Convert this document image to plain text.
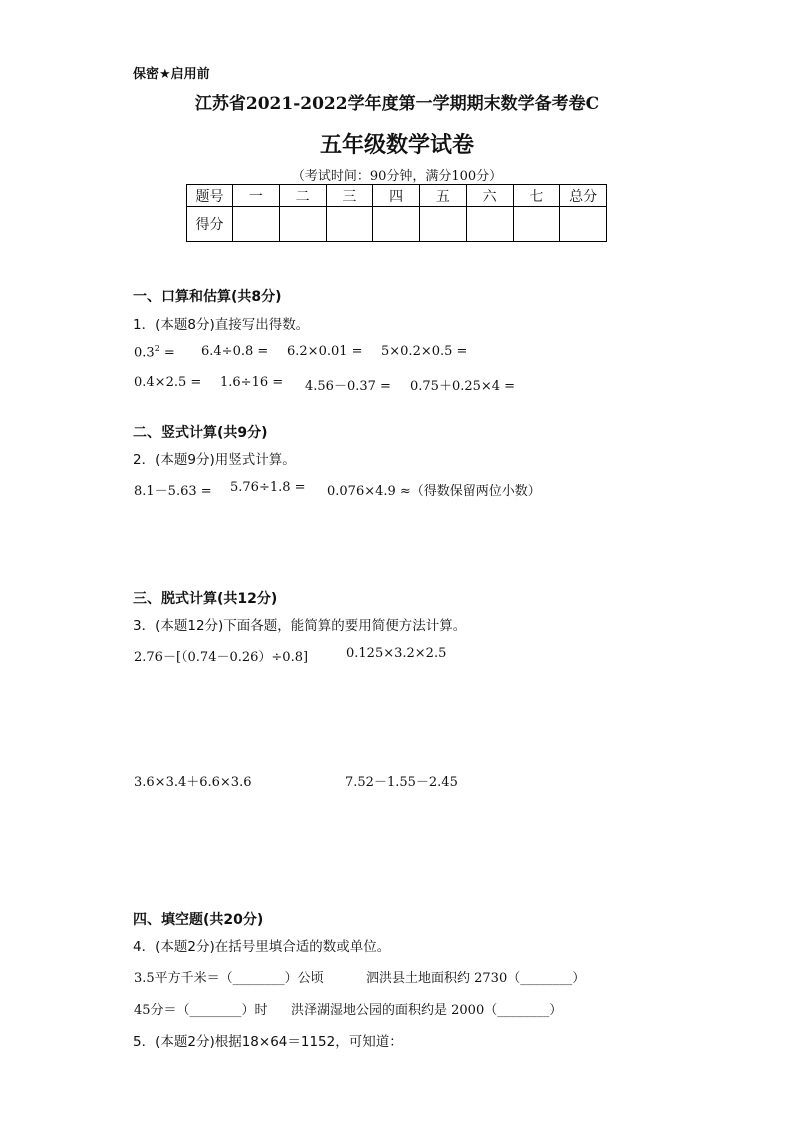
保密★启用前
江苏省2021-2022学年度第一学期期末数学备考卷C
五年级数学试卷
（考试时间：90分钟，满分100分）
题号	一	二	三	四	五	六	七	总分
得分								
一、口算和估算(共8分)
1．(本题8分)直接写出得数。
$0.3^2 = 6.4\div 0.8 = 6.2\times 0.01 = 5\times 0.2\times 0.5$ =
0.4×2.5 = 1.6÷16 = 4.56－0.37 = 0.75＋0.25×4 =
二、竖式计算(共9分)
2．(本题9分)用竖式计算。
8.1－5.63 = 5.76÷1.8 = 0.076×4.9 ≈（得数保留两位小数）
三、脱式计算(共12分)
3．(本题12分)下面各题，能简算的要用简便方法计算。
2.76－[（0.74－0.26）÷0.8]	0.125×3.2×2.5
3.6×3.4＋6.6×3.6	7.52－1.55－2.45
四、填空题(共20分)
4．(本题2分)在括号里填合适的数或单位。
3.5平方千米＝（________）公顷	泗洪县土地面积约 2730（________）
45分＝（________）时 洪泽湖湿地公园的面积约是 2000（________）
5．(本题2分)根据18×64＝1152，可知道：
